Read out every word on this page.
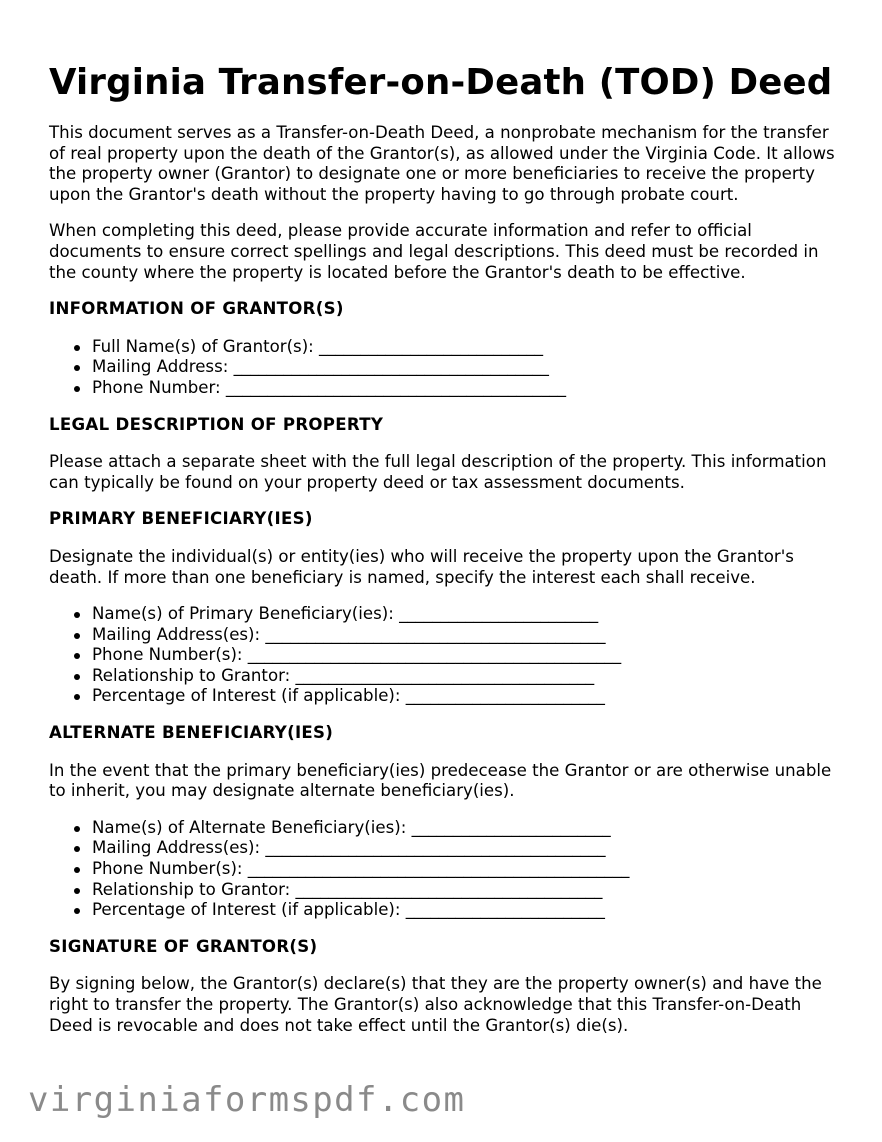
Virginia Transfer-on-Death (TOD) Deed

This document serves as a Transfer-on-Death Deed, a nonprobate mechanism for the transfer of real property upon the death of the Grantor(s), as allowed under the Virginia Code. It allows the property owner (Grantor) to designate one or more beneficiaries to receive the property upon the Grantor's death without the property having to go through probate court.

When completing this deed, please provide accurate information and refer to official documents to ensure correct spellings and legal descriptions. This deed must be recorded in the county where the property is located before the Grantor's death to be effective.

INFORMATION OF GRANTOR(S)
Full Name(s) of Grantor(s): ___________________________
Mailing Address: ______________________________________
Phone Number: _________________________________________
LEGAL DESCRIPTION OF PROPERTY

Please attach a separate sheet with the full legal description of the property. This information can typically be found on your property deed or tax assessment documents.

PRIMARY BENEFICIARY(IES)

Designate the individual(s) or entity(ies) who will receive the property upon the Grantor's death. If more than one beneficiary is named, specify the interest each shall receive.

Name(s) of Primary Beneficiary(ies): ________________________
Mailing Address(es): _________________________________________
Phone Number(s): _____________________________________________
Relationship to Grantor: ____________________________________
Percentage of Interest (if applicable): ________________________
ALTERNATE BENEFICIARY(IES)

In the event that the primary beneficiary(ies) predecease the Grantor or are otherwise unable to inherit, you may designate alternate beneficiary(ies).

Name(s) of Alternate Beneficiary(ies): ________________________
Mailing Address(es): _________________________________________
Phone Number(s): ______________________________________________
Relationship to Grantor: _____________________________________
Percentage of Interest (if applicable): ________________________
SIGNATURE OF GRANTOR(S)

By signing below, the Grantor(s) declare(s) that they are the property owner(s) and have the right to transfer the property. The Grantor(s) also acknowledge that this Transfer-on-Death Deed is revocable and does not take effect until the Grantor(s) die(s).

virginiaformspdf.com
